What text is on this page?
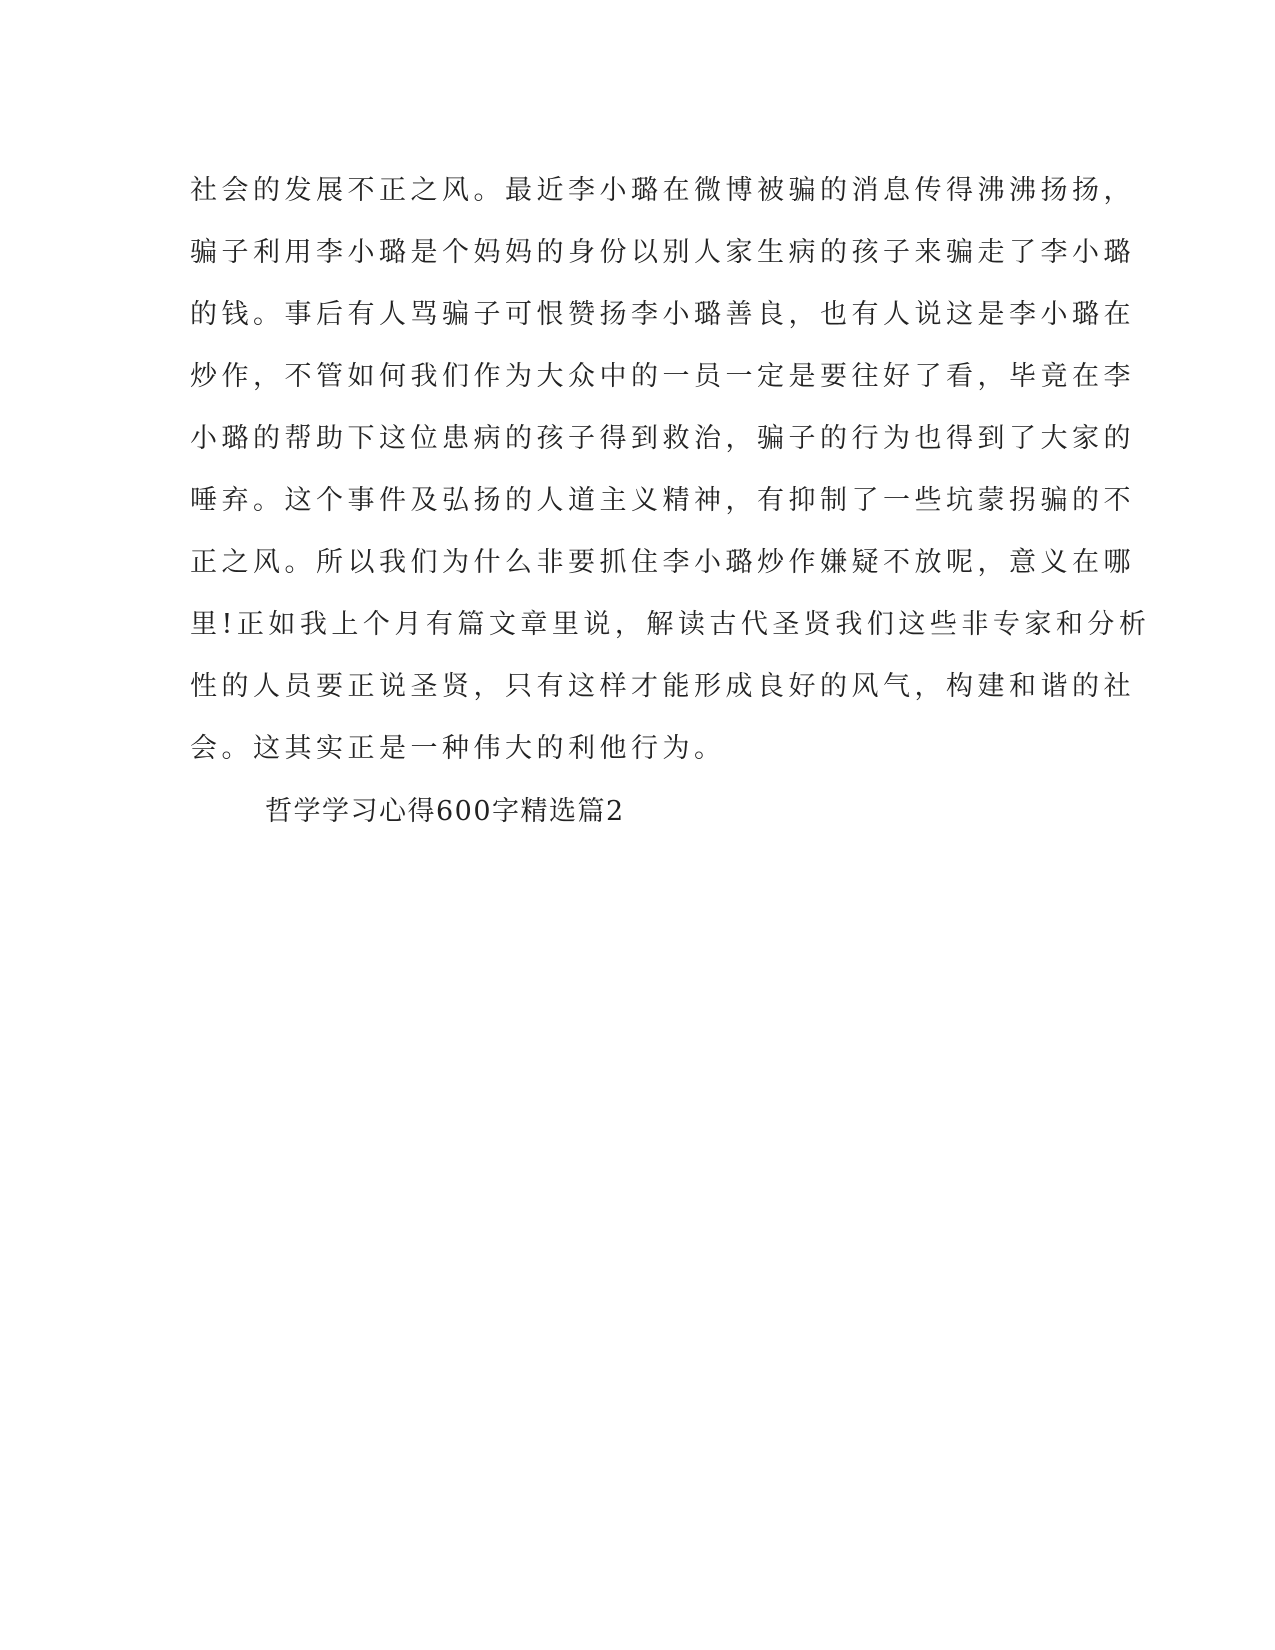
社会的发展不正之风。最近李小璐在微博被骗的消息传得沸沸扬扬，
骗子利用李小璐是个妈妈的身份以别人家生病的孩子来骗走了李小璐
的钱。事后有人骂骗子可恨赞扬李小璐善良，也有人说这是李小璐在
炒作，不管如何我们作为大众中的一员一定是要往好了看，毕竟在李
小璐的帮助下这位患病的孩子得到救治，骗子的行为也得到了大家的
唾弃。这个事件及弘扬的人道主义精神，有抑制了一些坑蒙拐骗的不
正之风。所以我们为什么非要抓住李小璐炒作嫌疑不放呢，意义在哪
里!正如我上个月有篇文章里说，解读古代圣贤我们这些非专家和分析
性的人员要正说圣贤，只有这样才能形成良好的风气，构建和谐的社
会。这其实正是一种伟大的利他行为。
哲学学习心得600字精选篇2
